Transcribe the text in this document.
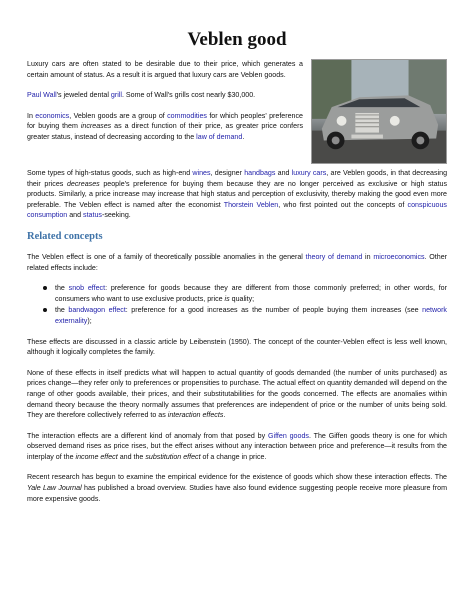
Veblen good

Luxury cars are often stated to be desirable due to their price, which generates a certain amount of status. As a result it is argued that luxury cars are Veblen goods.

Paul Wall's jeweled dental grill. Some of Wall's grills cost nearly $30,000.

In economics, Veblen goods are a group of commodities for which peoples' preference for buying them increases as a direct function of their price, as greater price confers greater status, instead of decreasing according to the law of demand.

Some types of high-status goods, such as high-end wines, designer handbags and luxury cars, are Veblen goods, in that decreasing their prices decreases people's preference for buying them because they are no longer perceived as exclusive or high status products. Similarly, a price increase may increase that high status and perception of exclusivity, thereby making the good even more preferable. The Veblen effect is named after the economist Thorstein Veblen, who first pointed out the concepts of conspicuous consumption and status-seeking.

Related concepts

The Veblen effect is one of a family of theoretically possible anomalies in the general theory of demand in microeconomics. Other related effects include:

the snob effect: preference for goods because they are different from those commonly preferred; in other words, for consumers who want to use exclusive products, price is quality;
the bandwagon effect: preference for a good increases as the number of people buying them increases (see network externality);

These effects are discussed in a classic article by Leibenstein (1950). The concept of the counter-Veblen effect is less well known, although it logically completes the family.

None of these effects in itself predicts what will happen to actual quantity of goods demanded (the number of units purchased) as prices change—they refer only to preferences or propensities to purchase. The actual effect on quantity demanded will depend on the range of other goods available, their prices, and their substitutabilities for the goods concerned. The effects are anomalies within demand theory because the theory normally assumes that preferences are independent of price or the number of units being sold. They are therefore collectively referred to as interaction effects.

The interaction effects are a different kind of anomaly from that posed by Giffen goods. The Giffen goods theory is one for which observed demand rises as price rises, but the effect arises without any interaction between price and preference—it results from the interplay of the income effect and the substitution effect of a change in price.

Recent research has begun to examine the empirical evidence for the existence of goods which show these interaction effects. The Yale Law Journal has published a broad overview. Studies have also found evidence suggesting people receive more pleasure from more expensive goods.
